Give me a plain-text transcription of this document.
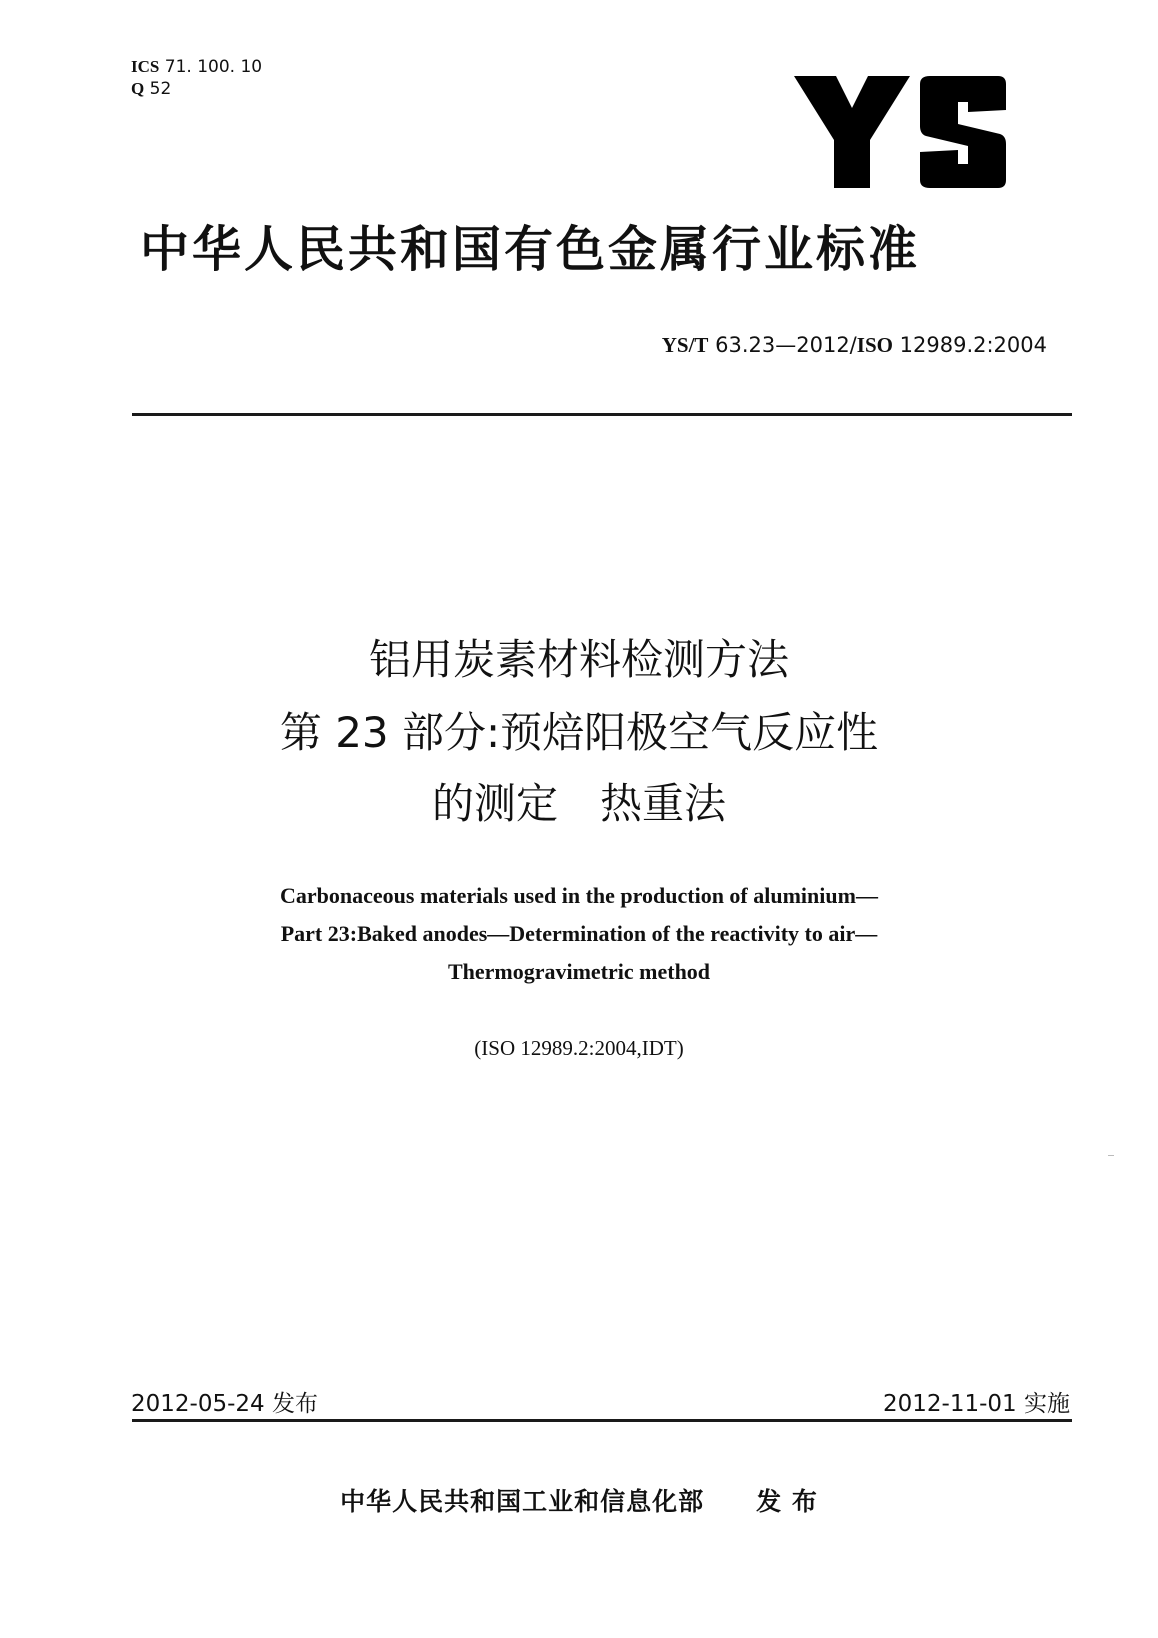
ICS 71. 100. 10
Q 52
中华人民共和国有色金属行业标准
YS/T 63.23—2012/ISO 12989.2:2004
铝用炭素材料检测方法
第 23 部分:预焙阳极空气反应性
的测定　热重法
Carbonaceous materials used in the production of aluminium—
Part 23:Baked anodes—Determination of the reactivity to air—
Thermogravimetric method
(ISO 12989.2:2004,IDT)
2012-05-24 发布	2012-11-01 实施
中华人民共和国工业和信息化部 发 布
